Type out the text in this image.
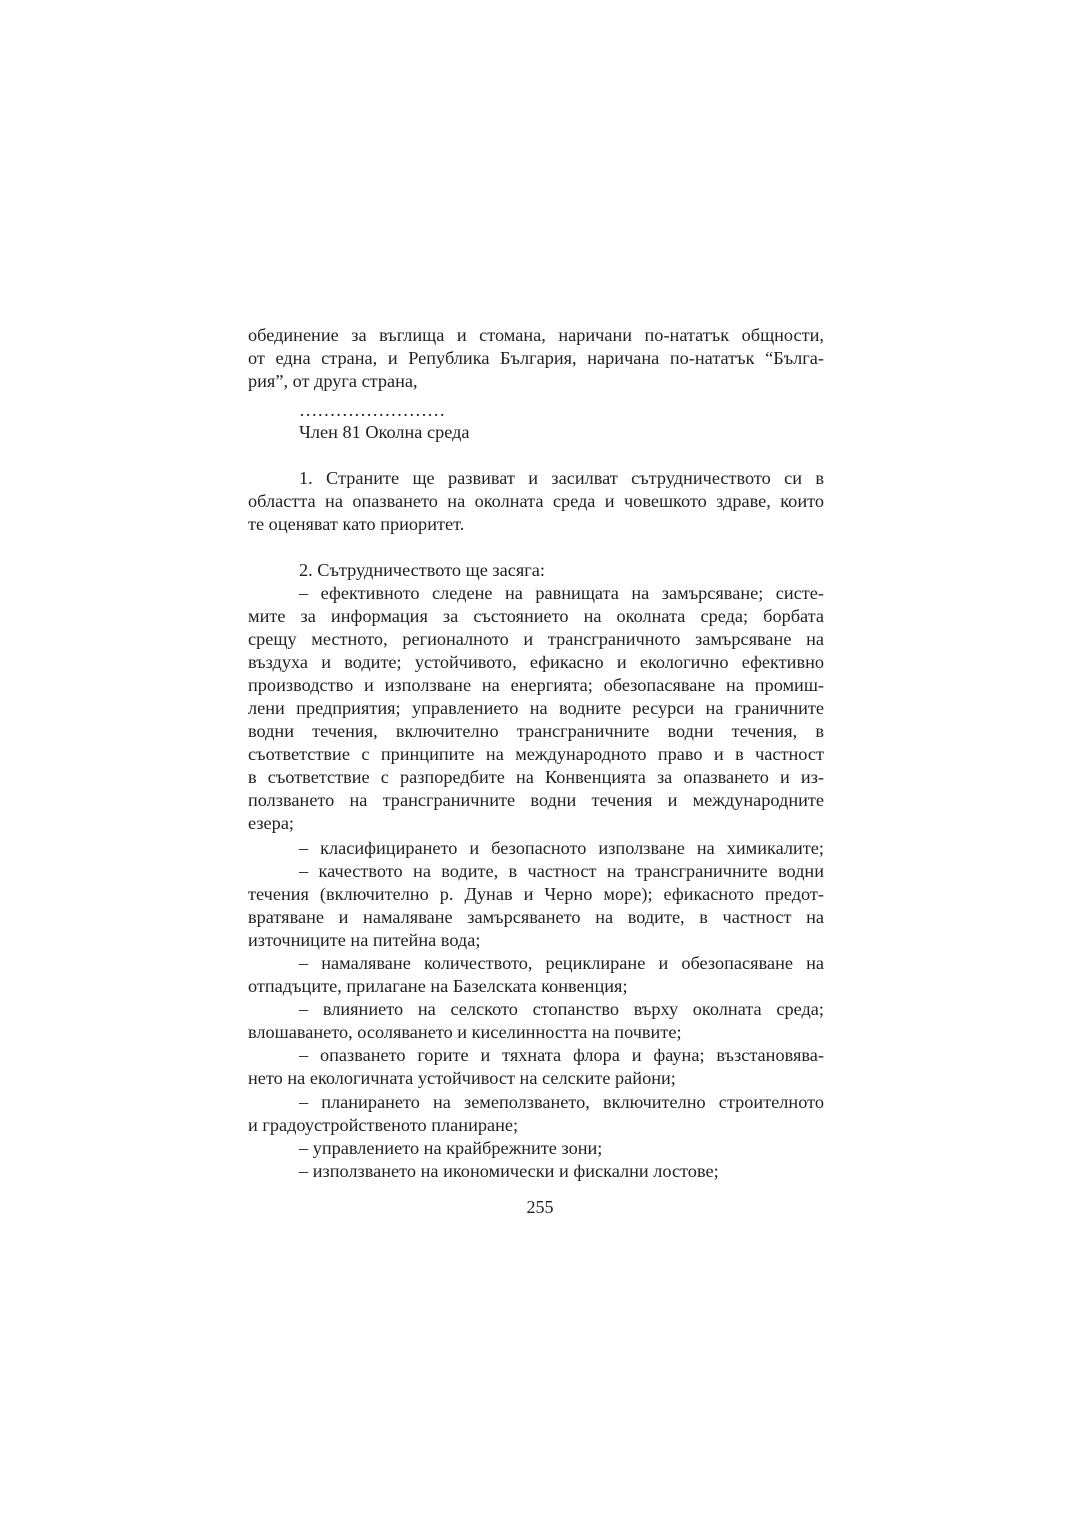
обединение за въглища и стомана, наричани по-нататък общности,
от една страна, и Република България, наричана по-нататък “Бълга-
рия”, от друга страна,
……………………
Член 81 Околна среда
1. Страните ще развиват и засилват сътрудничеството си в
областта на опазването на околната среда и човешкото здраве, които
те оценяват като приоритет.
2. Сътрудничеството ще засяга:
– ефективното следене на равнищата на замърсяване; систе-
мите за информация за състоянието на околната среда; борбата
срещу местното, регионалното и трансграничното замърсяване на
въздуха и водите; устойчивото, ефикасно и екологично ефективно
производство и използване на енергията; обезопасяване на промиш-
лени предприятия; управлението на водните ресурси на граничните
водни течения, включително трансграничните водни течения, в
съответствие с принципите на международното право и в частност
в съответствие с разпоредбите на Конвенцията за опазването и из-
ползването на трансграничните водни течения и международните
езера;
– класифицирането и безопасното използване на химикалите;
– качеството на водите, в частност на трансграничните водни
течения (включително р. Дунав и Черно море); ефикасното предот-
вратяване и намаляване замърсяването на водите, в частност на
източниците на питейна вода;
– намаляване количеството, рециклиране и обезопасяване на
отпадъците, прилагане на Базелската конвенция;
– влиянието на селското стопанство върху околната среда;
влошаването, осоляването и киселинността на почвите;
– опазването горите и тяхната флора и фауна; възстановява-
нето на екологичната устойчивост на селските райони;
– планирането на земеползването, включително строителното
и градоустройственото планиране;
– управлението на крайбрежните зони;
– използването на икономически и фискални лостове;
255
